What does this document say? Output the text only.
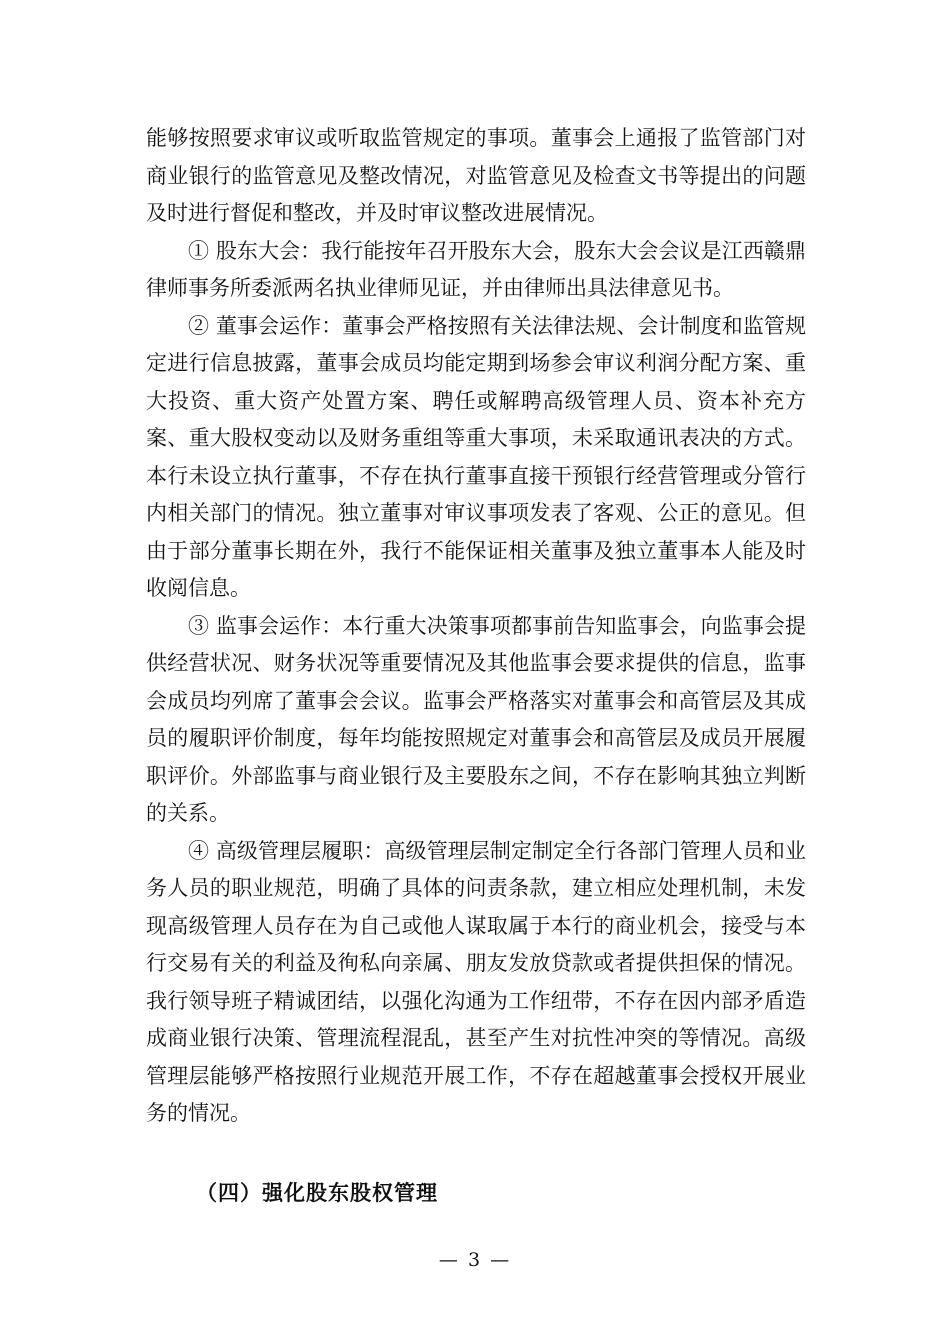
能够按照要求审议或听取监管规定的事项。董事会上通报了监管部门对商业银行的监管意见及整改情况，对监管意见及检查文书等提出的问题及时进行督促和整改，并及时审议整改进展情况。

① 股东大会：我行能按年召开股东大会，股东大会会议是江西赣鼎律师事务所委派两名执业律师见证，并由律师出具法律意见书。

② 董事会运作：董事会严格按照有关法律法规、会计制度和监管规定进行信息披露，董事会成员均能定期到场参会审议利润分配方案、重大投资、重大资产处置方案、聘任或解聘高级管理人员、资本补充方案、重大股权变动以及财务重组等重大事项，未采取通讯表决的方式。本行未设立执行董事，不存在执行董事直接干预银行经营管理或分管行内相关部门的情况。独立董事对审议事项发表了客观、公正的意见。但由于部分董事长期在外，我行不能保证相关董事及独立董事本人能及时收阅信息。

③ 监事会运作：本行重大决策事项都事前告知监事会，向监事会提供经营状况、财务状况等重要情况及其他监事会要求提供的信息，监事会成员均列席了董事会会议。监事会严格落实对董事会和高管层及其成员的履职评价制度，每年均能按照规定对董事会和高管层及成员开展履职评价。外部监事与商业银行及主要股东之间，不存在影响其独立判断的关系。

④ 高级管理层履职：高级管理层制定制定全行各部门管理人员和业务人员的职业规范，明确了具体的问责条款，建立相应处理机制，未发现高级管理人员存在为自己或他人谋取属于本行的商业机会，接受与本行交易有关的利益及徇私向亲属、朋友发放贷款或者提供担保的情况。我行领导班子精诚团结，以强化沟通为工作纽带，不存在因内部矛盾造成商业银行决策、管理流程混乱，甚至产生对抗性冲突的等情况。高级管理层能够严格按照行业规范开展工作，不存在超越董事会授权开展业务的情况。

（四）强化股东股权管理
— 3 —
